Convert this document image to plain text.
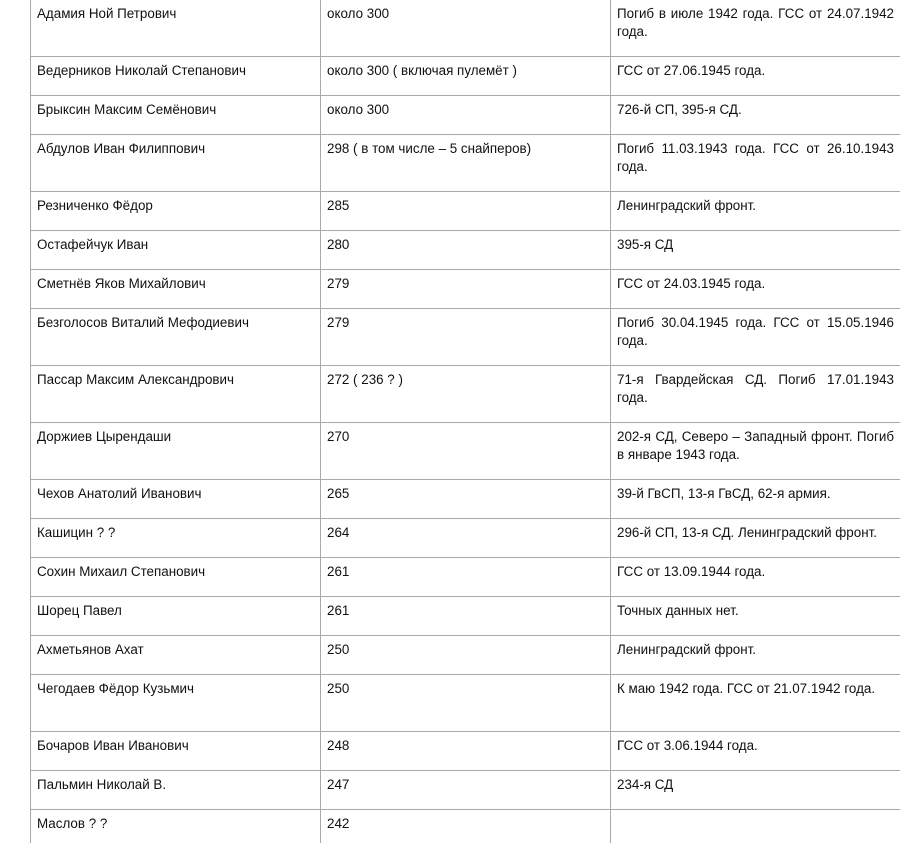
Адамия Ной Петрович	около 300	Погиб в июле 1942 года. ГСС от 24.07.1942 года.
Ведерников Николай Степанович	около 300 ( включая пулемёт )	ГСС от 27.06.1945 года.
Брыксин Максим Семёнович	около 300	726-й СП, 395-я СД.
Абдулов Иван Филиппович	298 ( в том числе – 5 снайперов)	Погиб 11.03.1943 года. ГСС от 26.10.1943 года.
Резниченко Фёдор	285	Ленинградский фронт.
Остафейчук Иван	280	395-я СД
Сметнёв Яков Михайлович	279	ГСС от 24.03.1945 года.
Безголосов Виталий Мефодиевич	279	Погиб 30.04.1945 года. ГСС от 15.05.1946 года.
Пассар Максим Александрович	272 ( 236 ? )	71-я Гвардейская СД. Погиб 17.01.1943 года.
Доржиев Цырендаши	270	202-я СД, Северо – Западный фронт. Погиб в январе 1943 года.
Чехов Анатолий Иванович	265	39-й ГвСП, 13-я ГвСД, 62-я армия.
Кашицин ? ?	264	296-й СП, 13-я СД. Ленинградский фронт.
Сохин Михаил Степанович	261	ГСС от 13.09.1944 года.
Шорец Павел	261	Точных данных нет.
Ахметьянов Ахат	250	Ленинградский фронт.
Чегодаев Фёдор Кузьмич	250	К маю 1942 года. ГСС от 21.07.1942 года.
Бочаров Иван Иванович	248	ГСС от 3.06.1944 года.
Пальмин Николай В.	247	234-я СД
Маслов ? ?	242	
